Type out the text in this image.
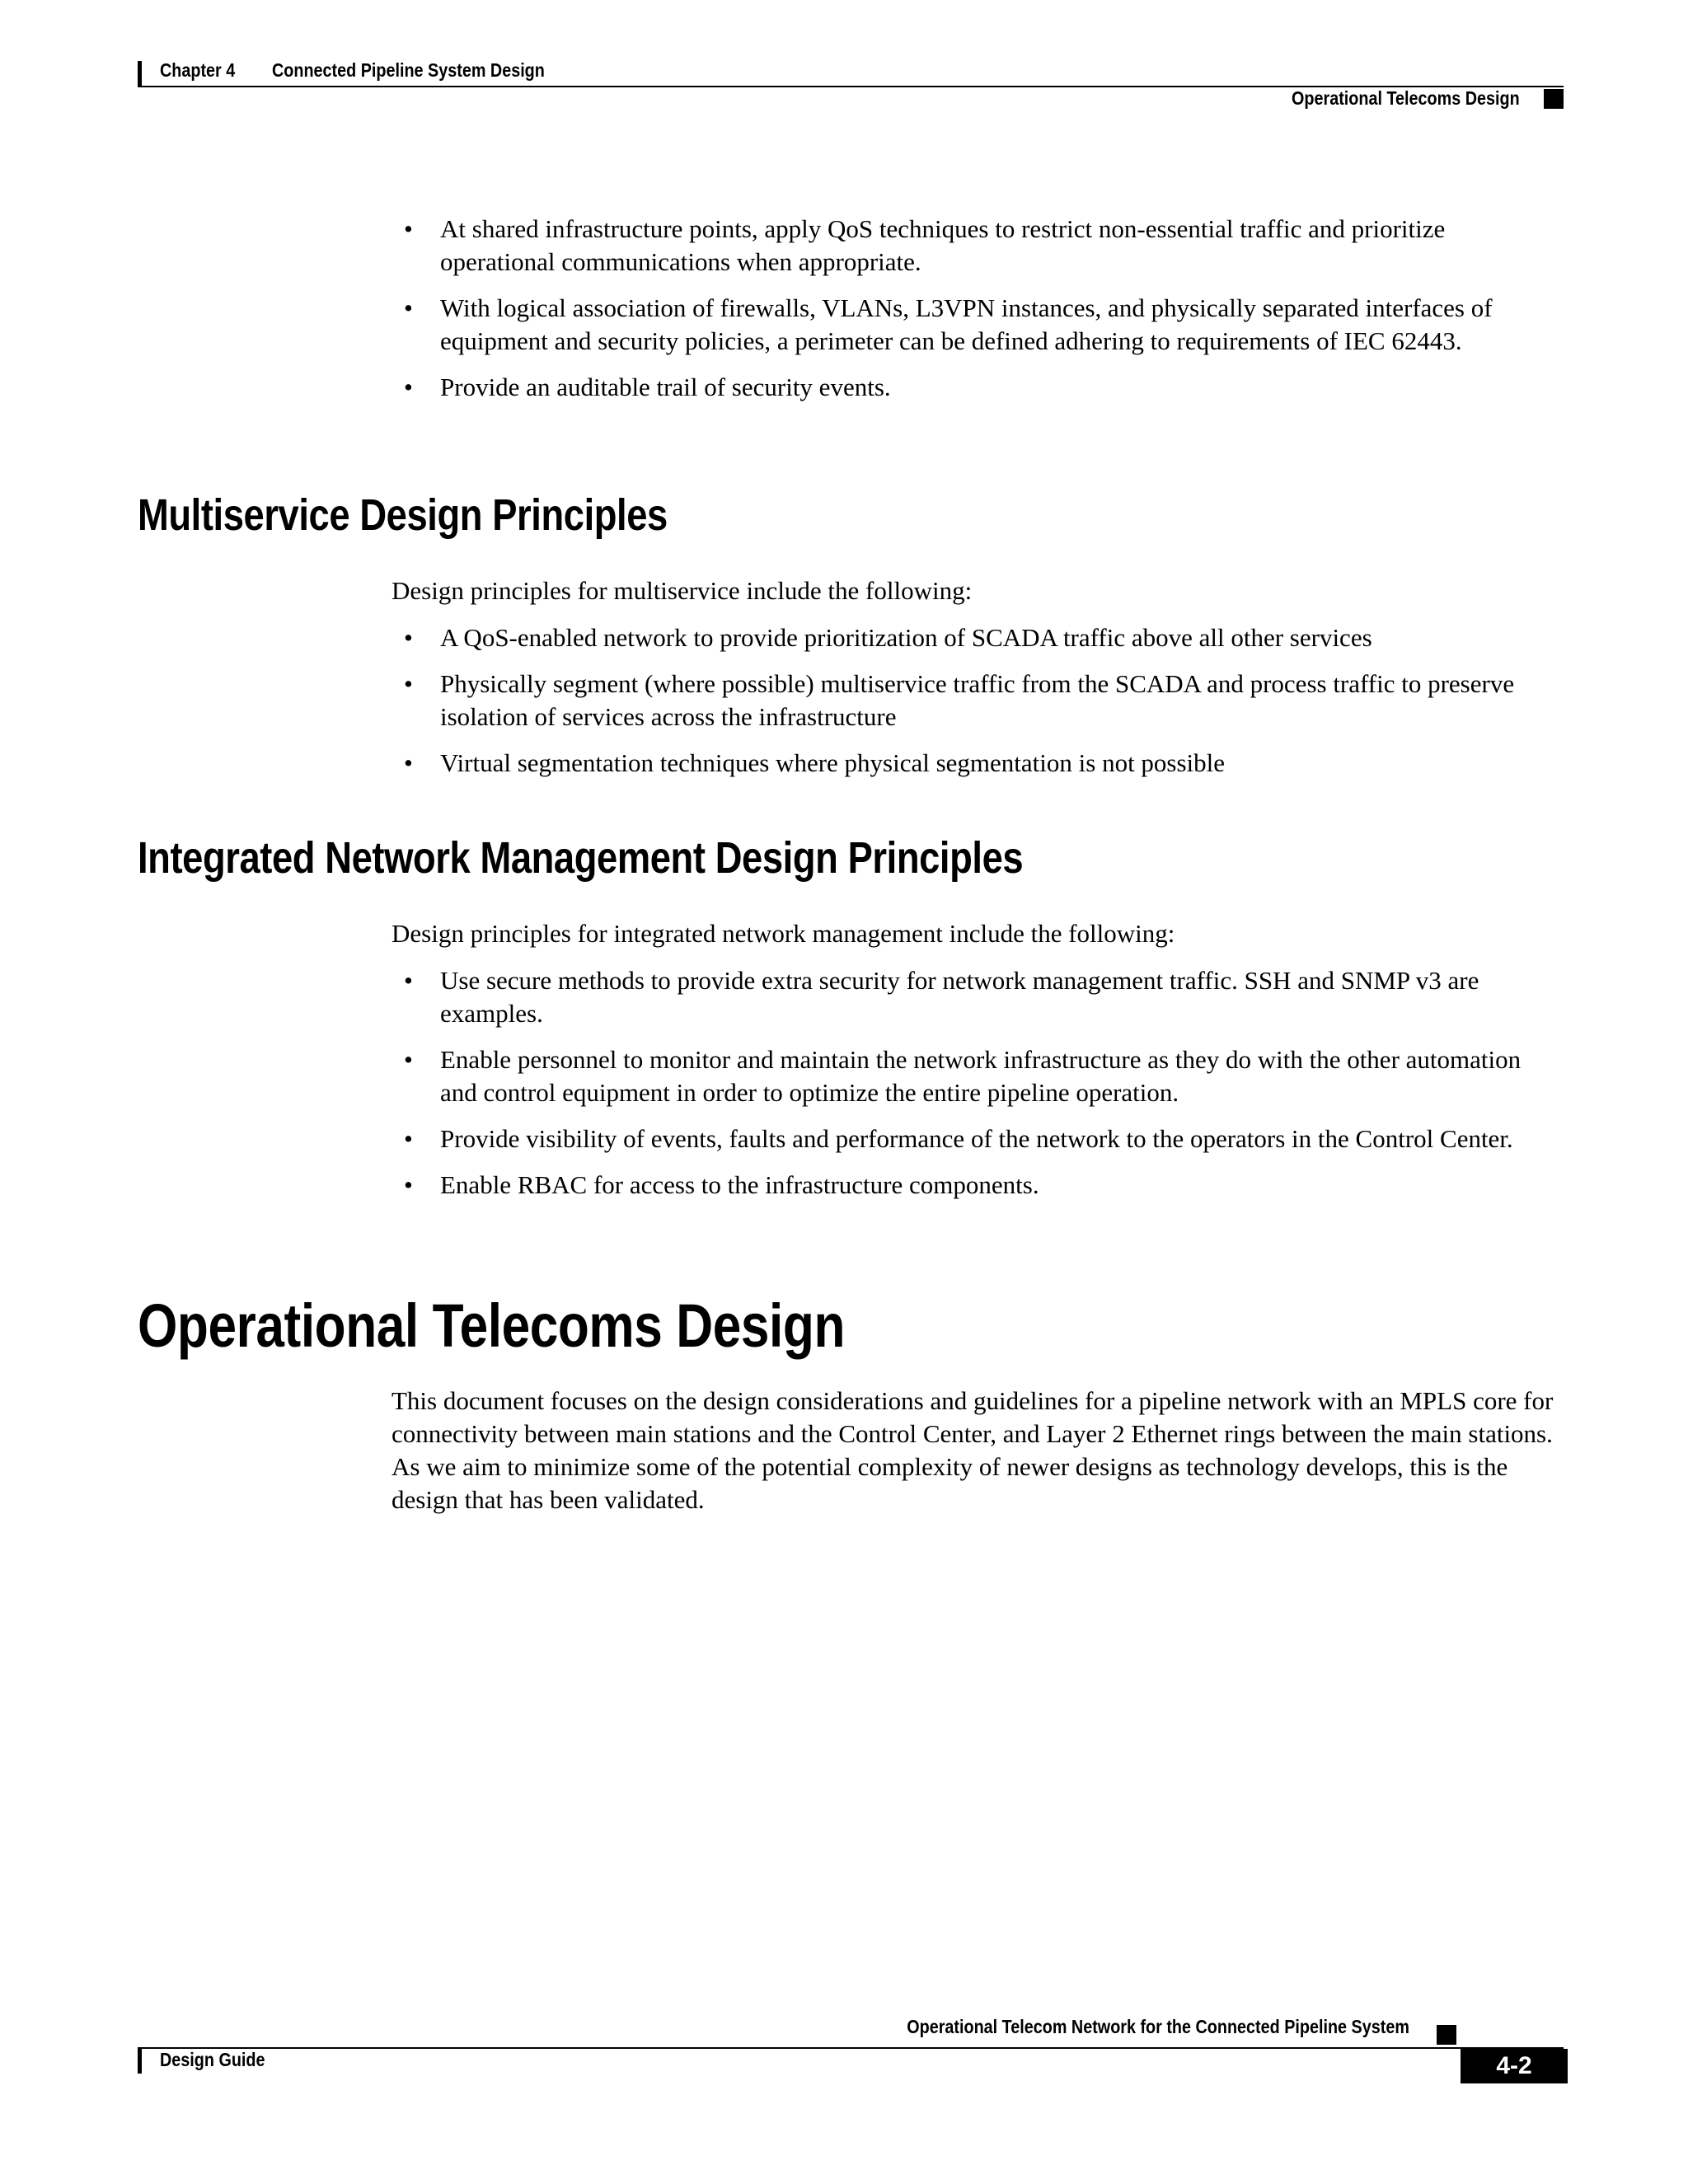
Chapter 4 Connected Pipeline System Design
Operational Telecoms Design
• At shared infrastructure points, apply QoS techniques to restrict non-essential traffic and prioritize operational communications when appropriate.
• With logical association of firewalls, VLANs, L3VPN instances, and physically separated interfaces of equipment and security policies, a perimeter can be defined adhering to requirements of IEC 62443.
• Provide an auditable trail of security events.
Multiservice Design Principles

Design principles for multiservice include the following:

• A QoS-enabled network to provide prioritization of SCADA traffic above all other services
• Physically segment (where possible) multiservice traffic from the SCADA and process traffic to preserve isolation of services across the infrastructure
• Virtual segmentation techniques where physical segmentation is not possible
Integrated Network Management Design Principles

Design principles for integrated network management include the following:

• Use secure methods to provide extra security for network management traffic. SSH and SNMP v3 are examples.
• Enable personnel to monitor and maintain the network infrastructure as they do with the other automation and control equipment in order to optimize the entire pipeline operation.
• Provide visibility of events, faults and performance of the network to the operators in the Control Center.
• Enable RBAC for access to the infrastructure components.
Operational Telecoms Design

This document focuses on the design considerations and guidelines for a pipeline network with an MPLS core for connectivity between main stations and the Control Center, and Layer 2 Ethernet rings between the main stations. As we aim to minimize some of the potential complexity of newer designs as technology develops, this is the design that has been validated.

Operational Telecom Network for the Connected Pipeline System
Design Guide	4-2
